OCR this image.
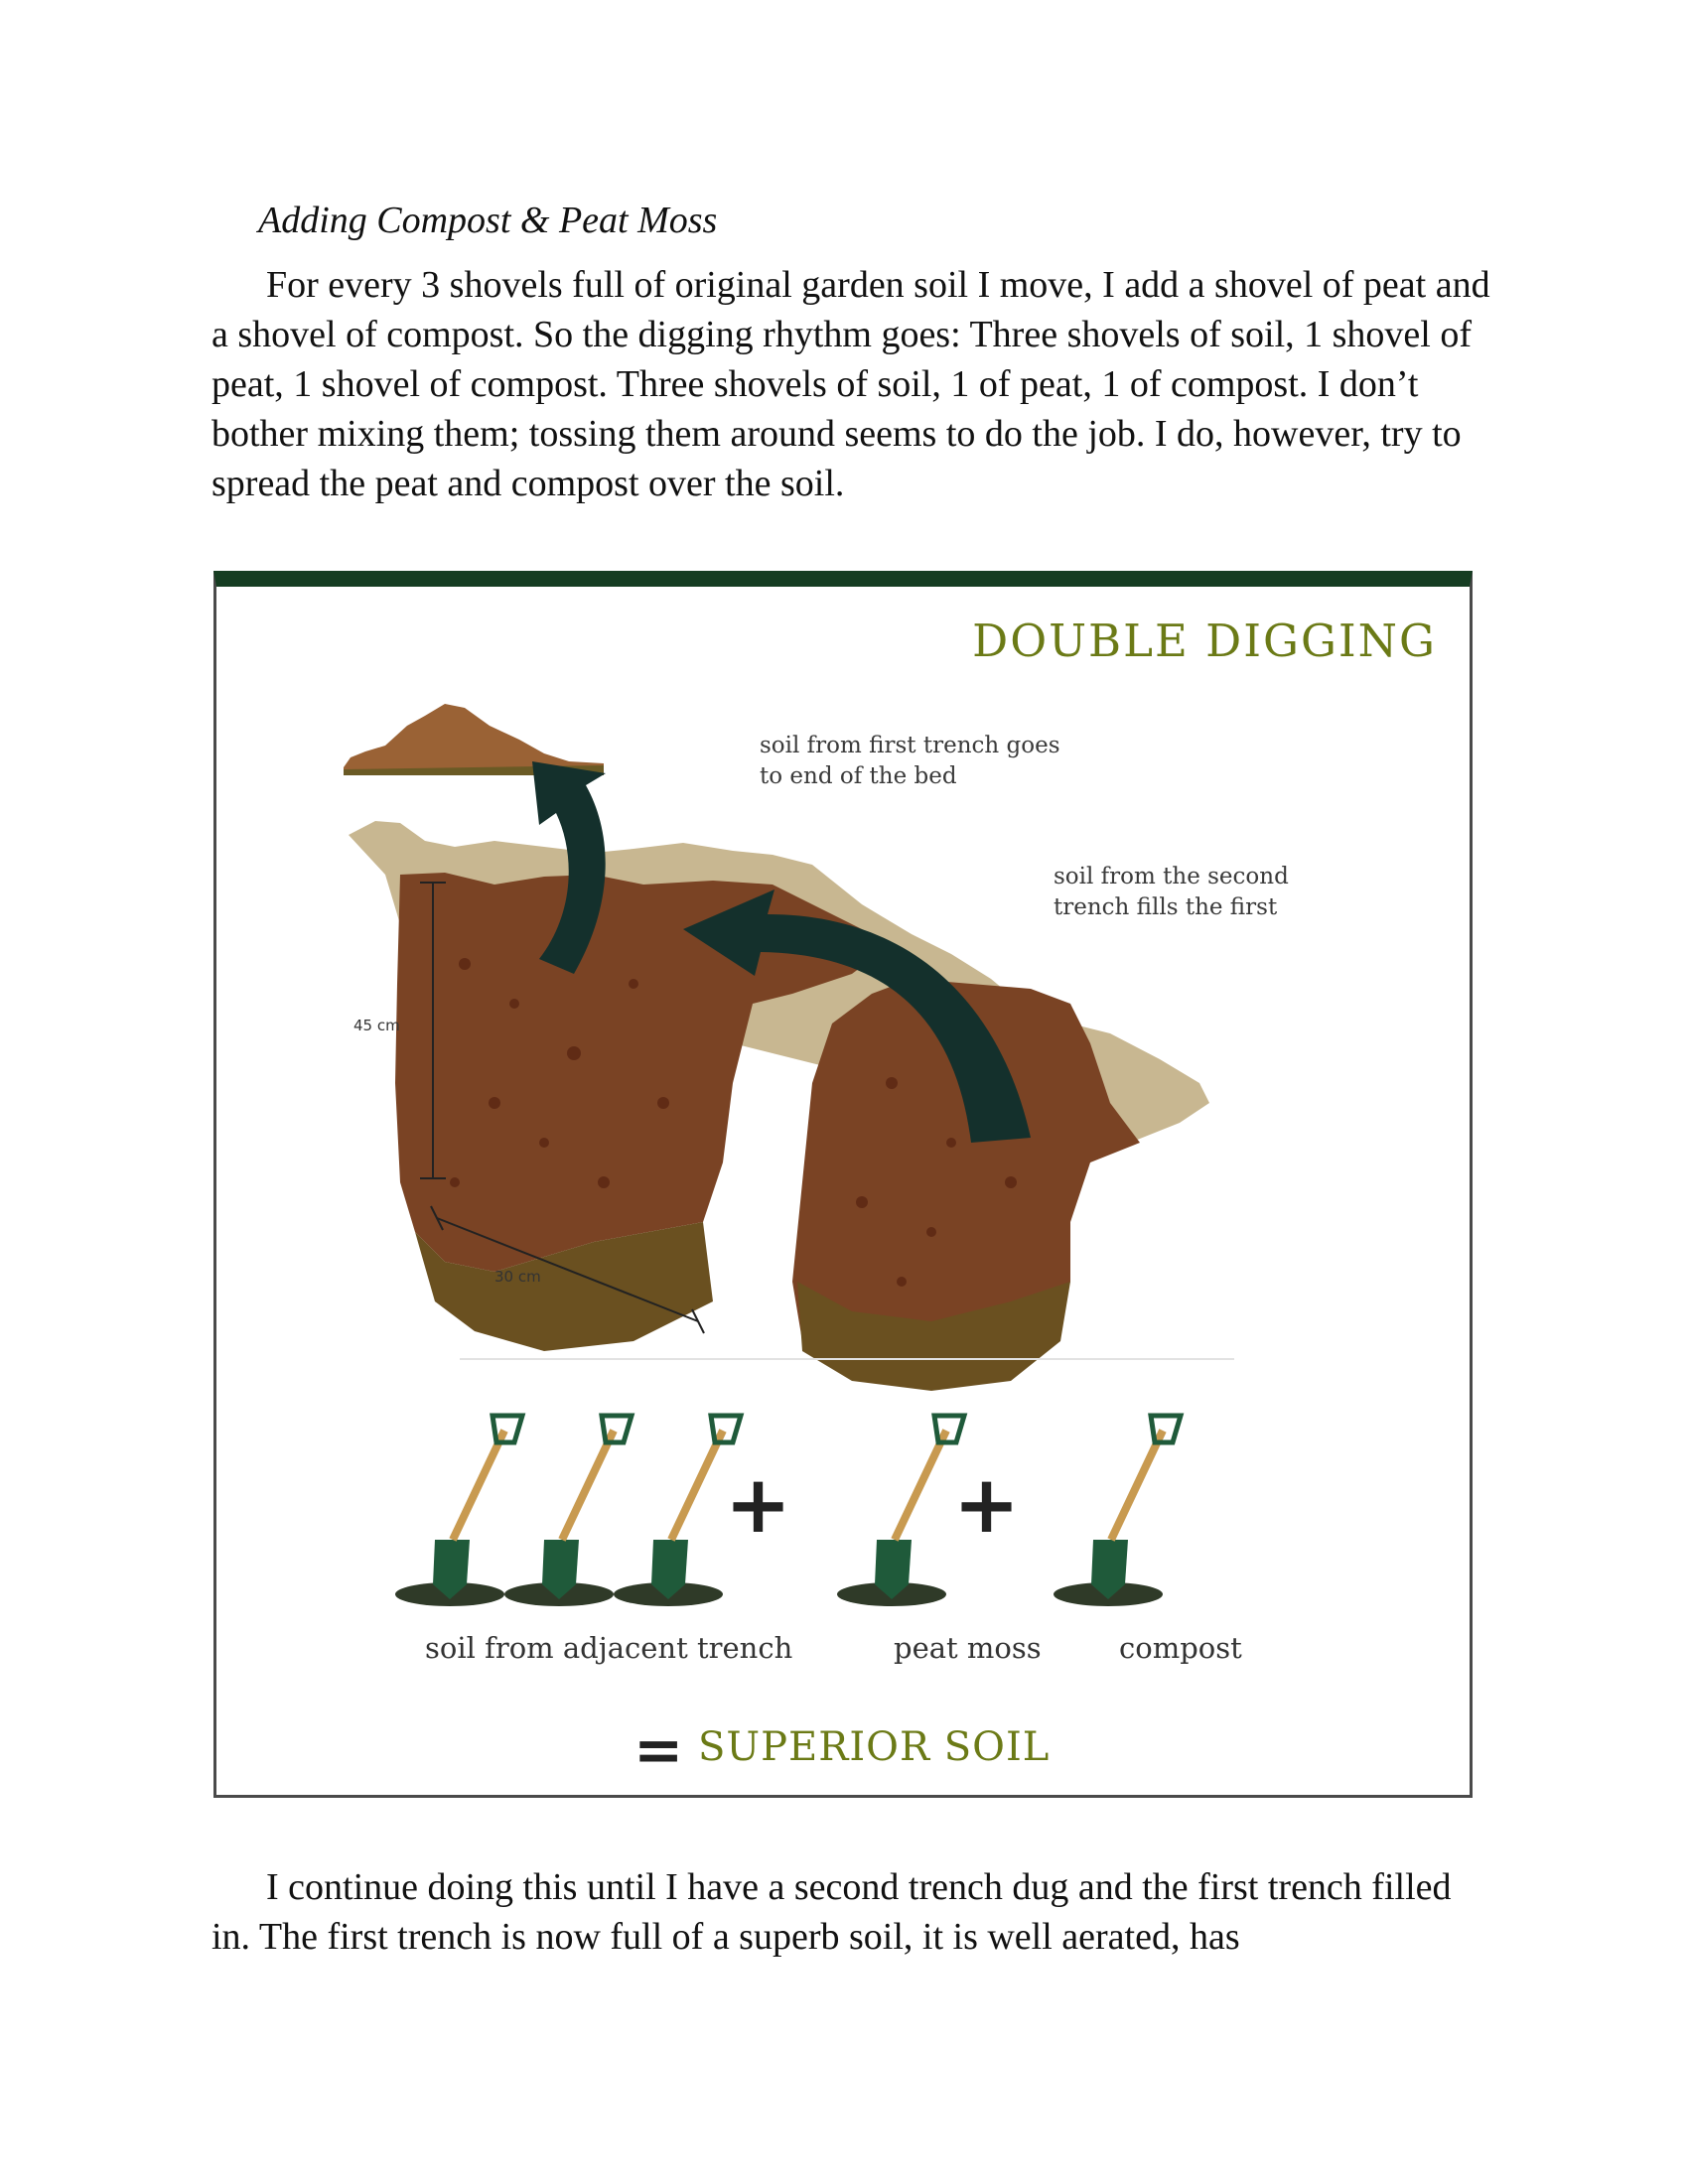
Adding Compost & Peat Moss

For every 3 shovels full of original garden soil I move, I add a shovel of peat and a shovel of compost. So the digging rhythm goes: Three shovels of soil, 1 shovel of peat, 1 shovel of compost. Three shovels of soil, 1 of peat, 1 of compost. I don’t bother mixing them; tossing them around seems to do the job. I do, however, try to spread the peat and compost over the soil.

DOUBLE DIGGING
soil from first trench goes
to end of the bed
soil from the second
trench fills the first
45 cm
30 cm
+ +
soil from adjacent trench	peat moss	compost
= SUPERIOR SOIL

I continue doing this until I have a second trench dug and the first trench filled in. The first trench is now full of a superb soil, it is well aerated, has
